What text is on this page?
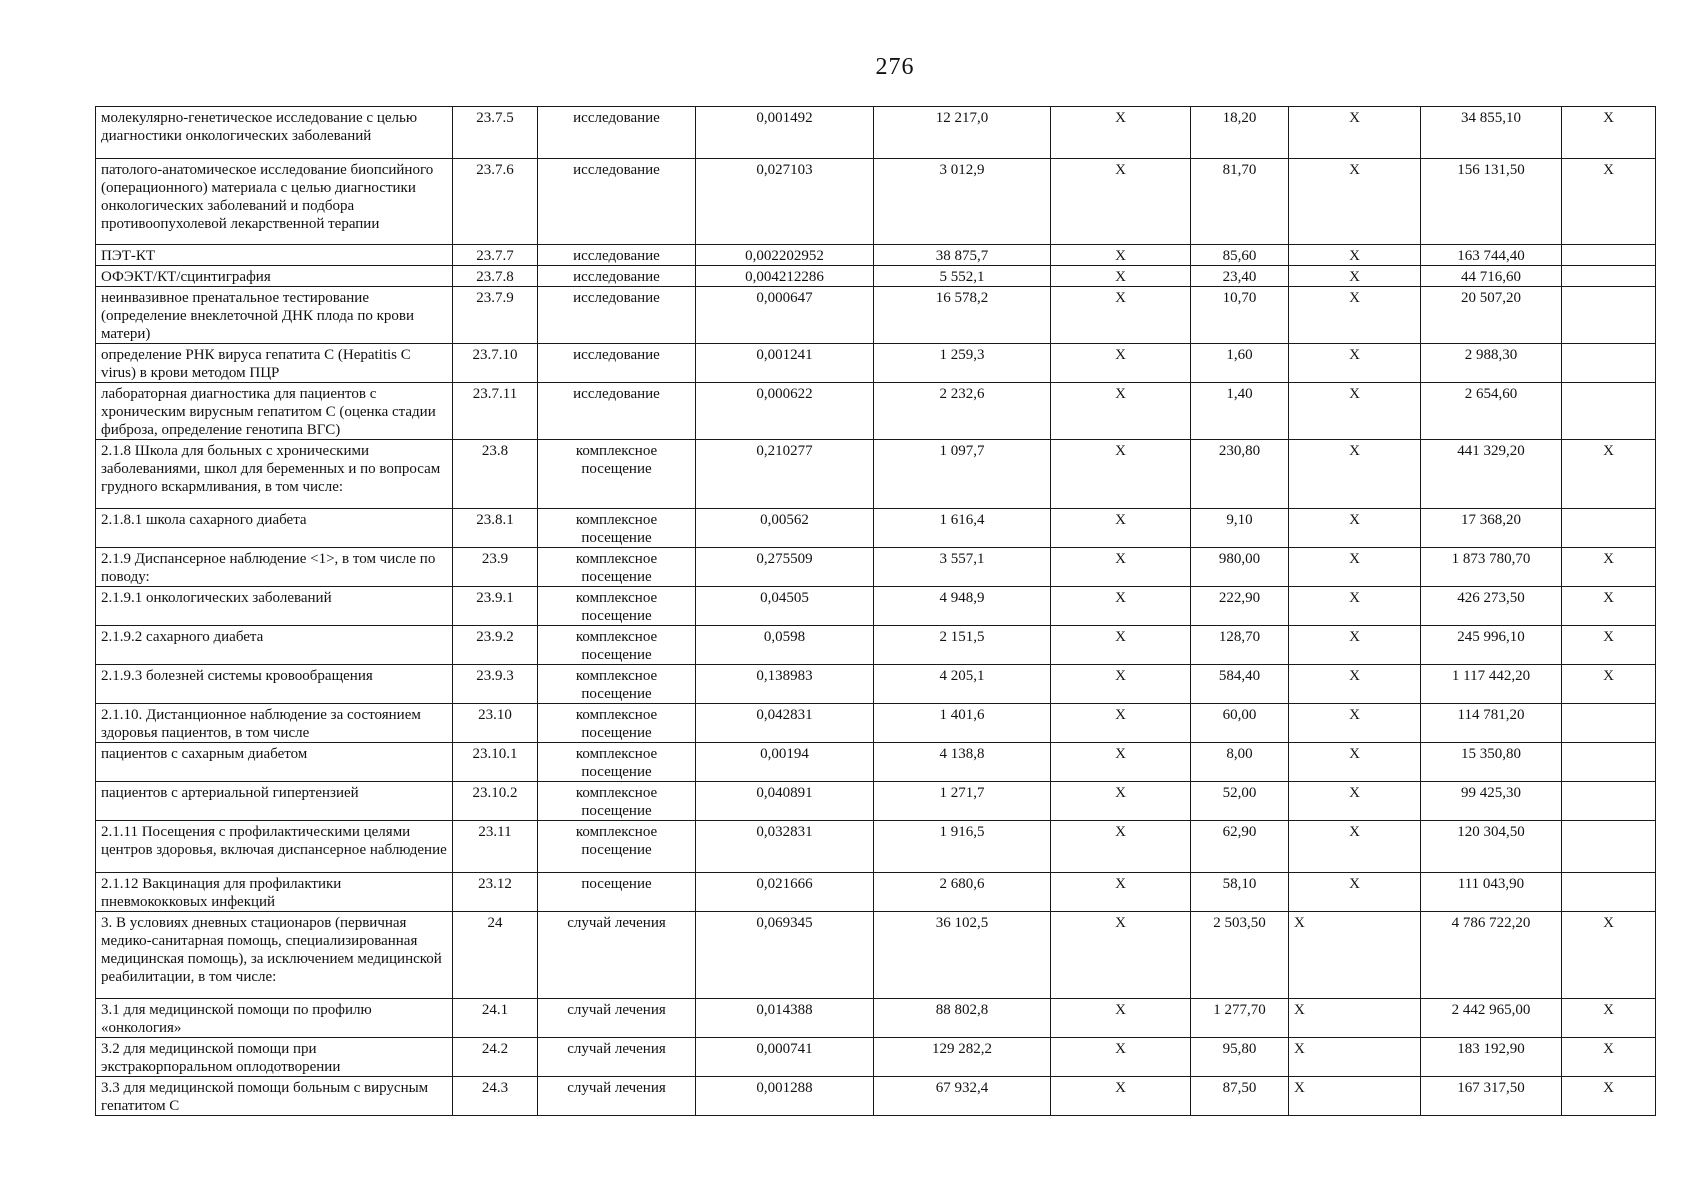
276
молекулярно-генетическое исследование с целью диагностики онкологических заболеваний	23.7.5	исследование	0,001492	12 217,0	X	18,20	X	34 855,10	X
патолого-анатомическое исследование биопсийного (операционного) материала с целью диагностики онкологических заболеваний и подбора противоопухолевой лекарственной терапии	23.7.6	исследование	0,027103	3 012,9	X	81,70	X	156 131,50	X
ПЭТ-КТ	23.7.7	исследование	0,002202952	38 875,7	X	85,60	X	163 744,40	
ОФЭКТ/КТ/сцинтиграфия	23.7.8	исследование	0,004212286	5 552,1	X	23,40	X	44 716,60	
неинвазивное пренатальное тестирование (определение внеклеточной ДНК плода по крови матери)	23.7.9	исследование	0,000647	16 578,2	X	10,70	X	20 507,20	
определение РНК вируса гепатита С (Hepatitis C virus) в крови методом ПЦР	23.7.10	исследование	0,001241	1 259,3	X	1,60	X	2 988,30	
лабораторная диагностика для пациентов с хроническим вирусным гепатитом С (оценка стадии фиброза, определение генотипа ВГС)	23.7.11	исследование	0,000622	2 232,6	X	1,40	X	2 654,60	
2.1.8 Школа для больных с хроническими заболеваниями, школ для беременных и по вопросам грудного вскармливания, в том числе:	23.8	комплексное посещение	0,210277	1 097,7	X	230,80	X	441 329,20	X
2.1.8.1 школа сахарного диабета	23.8.1	комплексное посещение	0,00562	1 616,4	X	9,10	X	17 368,20	
2.1.9 Диспансерное наблюдение <1>, в том числе по поводу:	23.9	комплексное посещение	0,275509	3 557,1	X	980,00	X	1 873 780,70	X
2.1.9.1 онкологических заболеваний	23.9.1	комплексное посещение	0,04505	4 948,9	X	222,90	X	426 273,50	X
2.1.9.2 сахарного диабета	23.9.2	комплексное посещение	0,0598	2 151,5	X	128,70	X	245 996,10	X
2.1.9.3 болезней системы кровообращения	23.9.3	комплексное посещение	0,138983	4 205,1	X	584,40	X	1 117 442,20	X
2.1.10. Дистанционное наблюдение за состоянием здоровья пациентов, в том числе	23.10	комплексное посещение	0,042831	1 401,6	X	60,00	X	114 781,20	
пациентов с сахарным диабетом	23.10.1	комплексное посещение	0,00194	4 138,8	X	8,00	X	15 350,80	
пациентов с артериальной гипертензией	23.10.2	комплексное посещение	0,040891	1 271,7	X	52,00	X	99 425,30	
2.1.11 Посещения с профилактическими целями центров здоровья, включая диспансерное наблюдение	23.11	комплексное посещение	0,032831	1 916,5	X	62,90	X	120 304,50	
2.1.12 Вакцинация для профилактики пневмококковых инфекций	23.12	посещение	0,021666	2 680,6	X	58,10	X	111 043,90	
3. В условиях дневных стационаров (первичная медико-санитарная помощь, специализированная медицинская помощь), за исключением медицинской реабилитации, в том числе:	24	случай лечения	0,069345	36 102,5	X	2 503,50	X	4 786 722,20	X
3.1 для медицинской помощи по профилю «онкология»	24.1	случай лечения	0,014388	88 802,8	X	1 277,70	X	2 442 965,00	X
3.2 для медицинской помощи при экстракорпоральном оплодотворении	24.2	случай лечения	0,000741	129 282,2	X	95,80	X	183 192,90	X
3.3 для медицинской помощи больным с вирусным гепатитом С	24.3	случай лечения	0,001288	67 932,4	X	87,50	X	167 317,50	X
